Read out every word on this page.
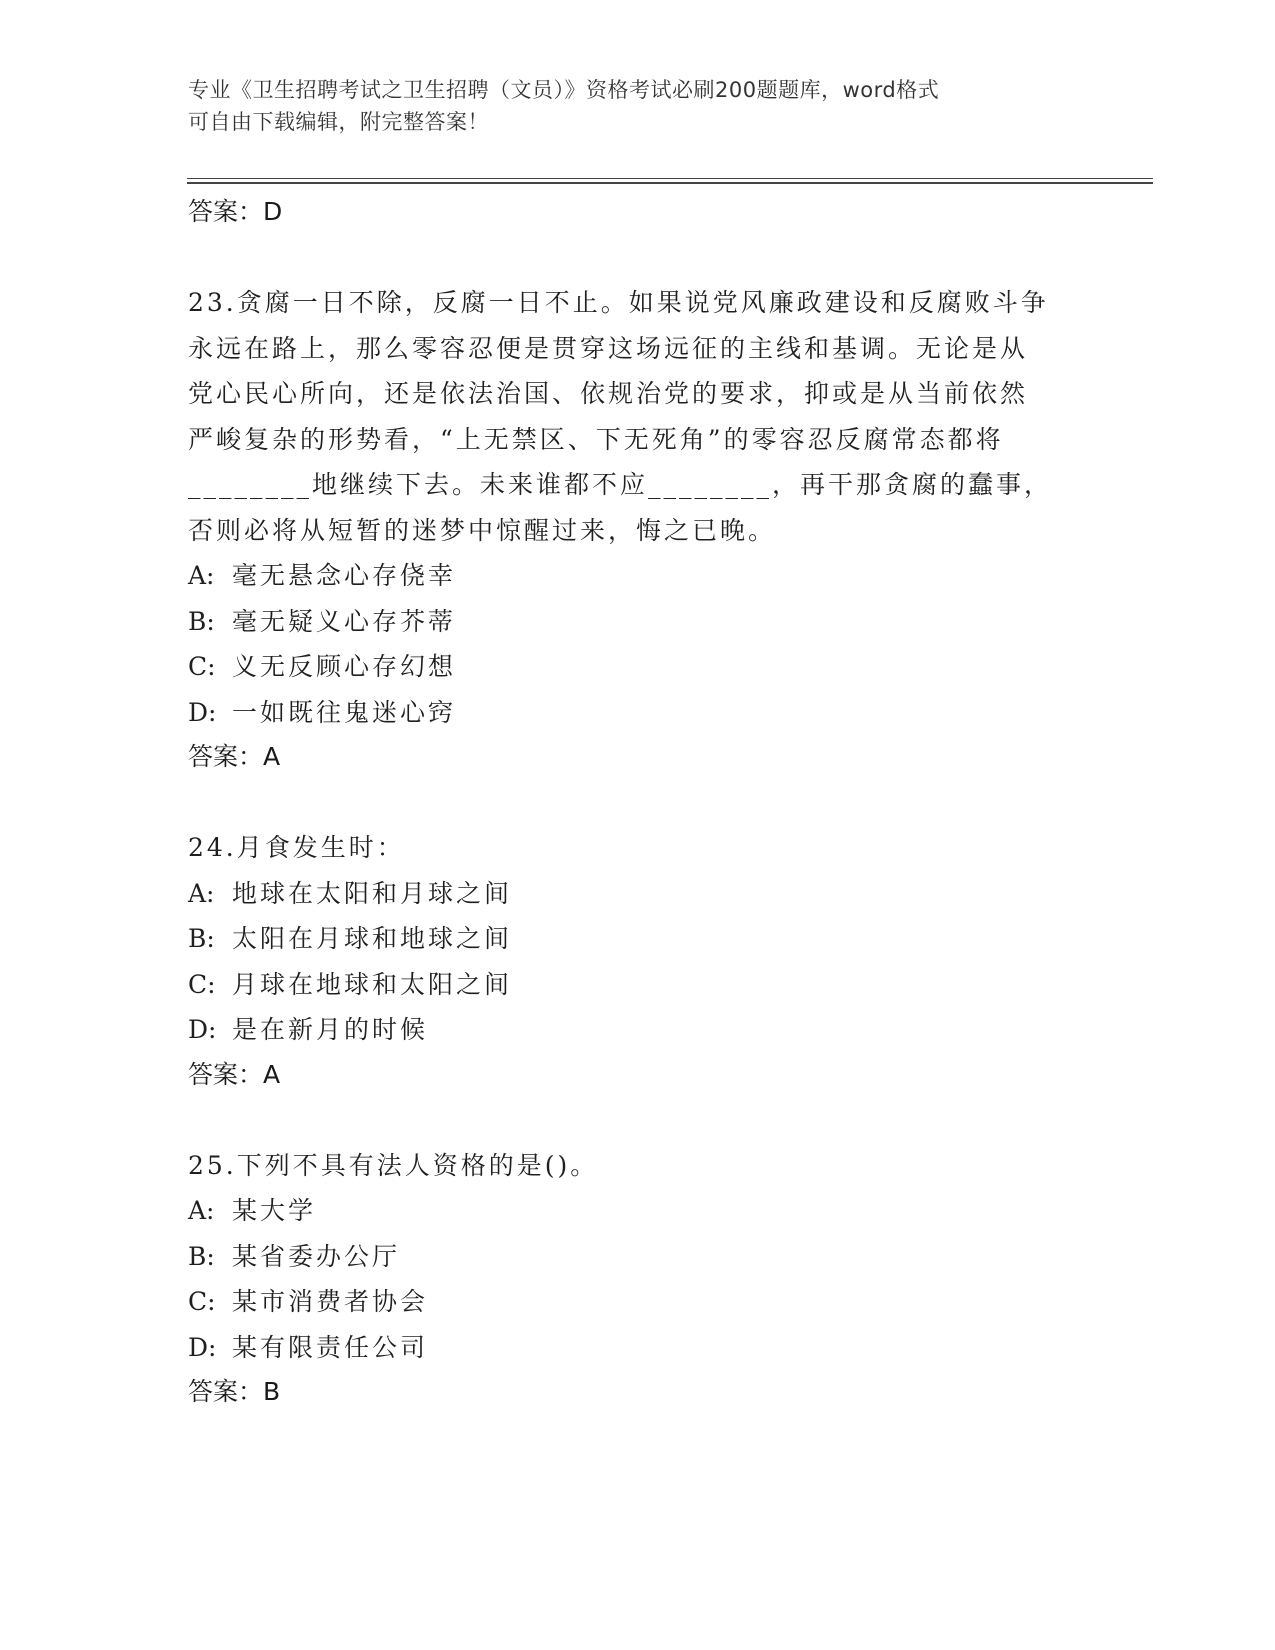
专业《卫生招聘考试之卫生招聘（文员）》资格考试必刷200题题库，word格式
可自由下载编辑，附完整答案！
答案：D
23.贪腐一日不除，反腐一日不止。如果说党风廉政建设和反腐败斗争
永远在路上，那么零容忍便是贯穿这场远征的主线和基调。无论是从
党心民心所向，还是依法治国、依规治党的要求，抑或是从当前依然
严峻复杂的形势看，“上无禁区、下无死角”的零容忍反腐常态都将
________地继续下去。未来谁都不应________，再干那贪腐的蠢事，
否则必将从短暂的迷梦中惊醒过来，悔之已晚。
A: 毫无悬念心存侥幸
B: 毫无疑义心存芥蒂
C: 义无反顾心存幻想
D: 一如既往鬼迷心窍
答案：A
24.月食发生时：
A: 地球在太阳和月球之间
B: 太阳在月球和地球之间
C: 月球在地球和太阳之间
D: 是在新月的时候
答案：A
25.下列不具有法人资格的是()。
A: 某大学
B: 某省委办公厅
C: 某市消费者协会
D: 某有限责任公司
答案：B
